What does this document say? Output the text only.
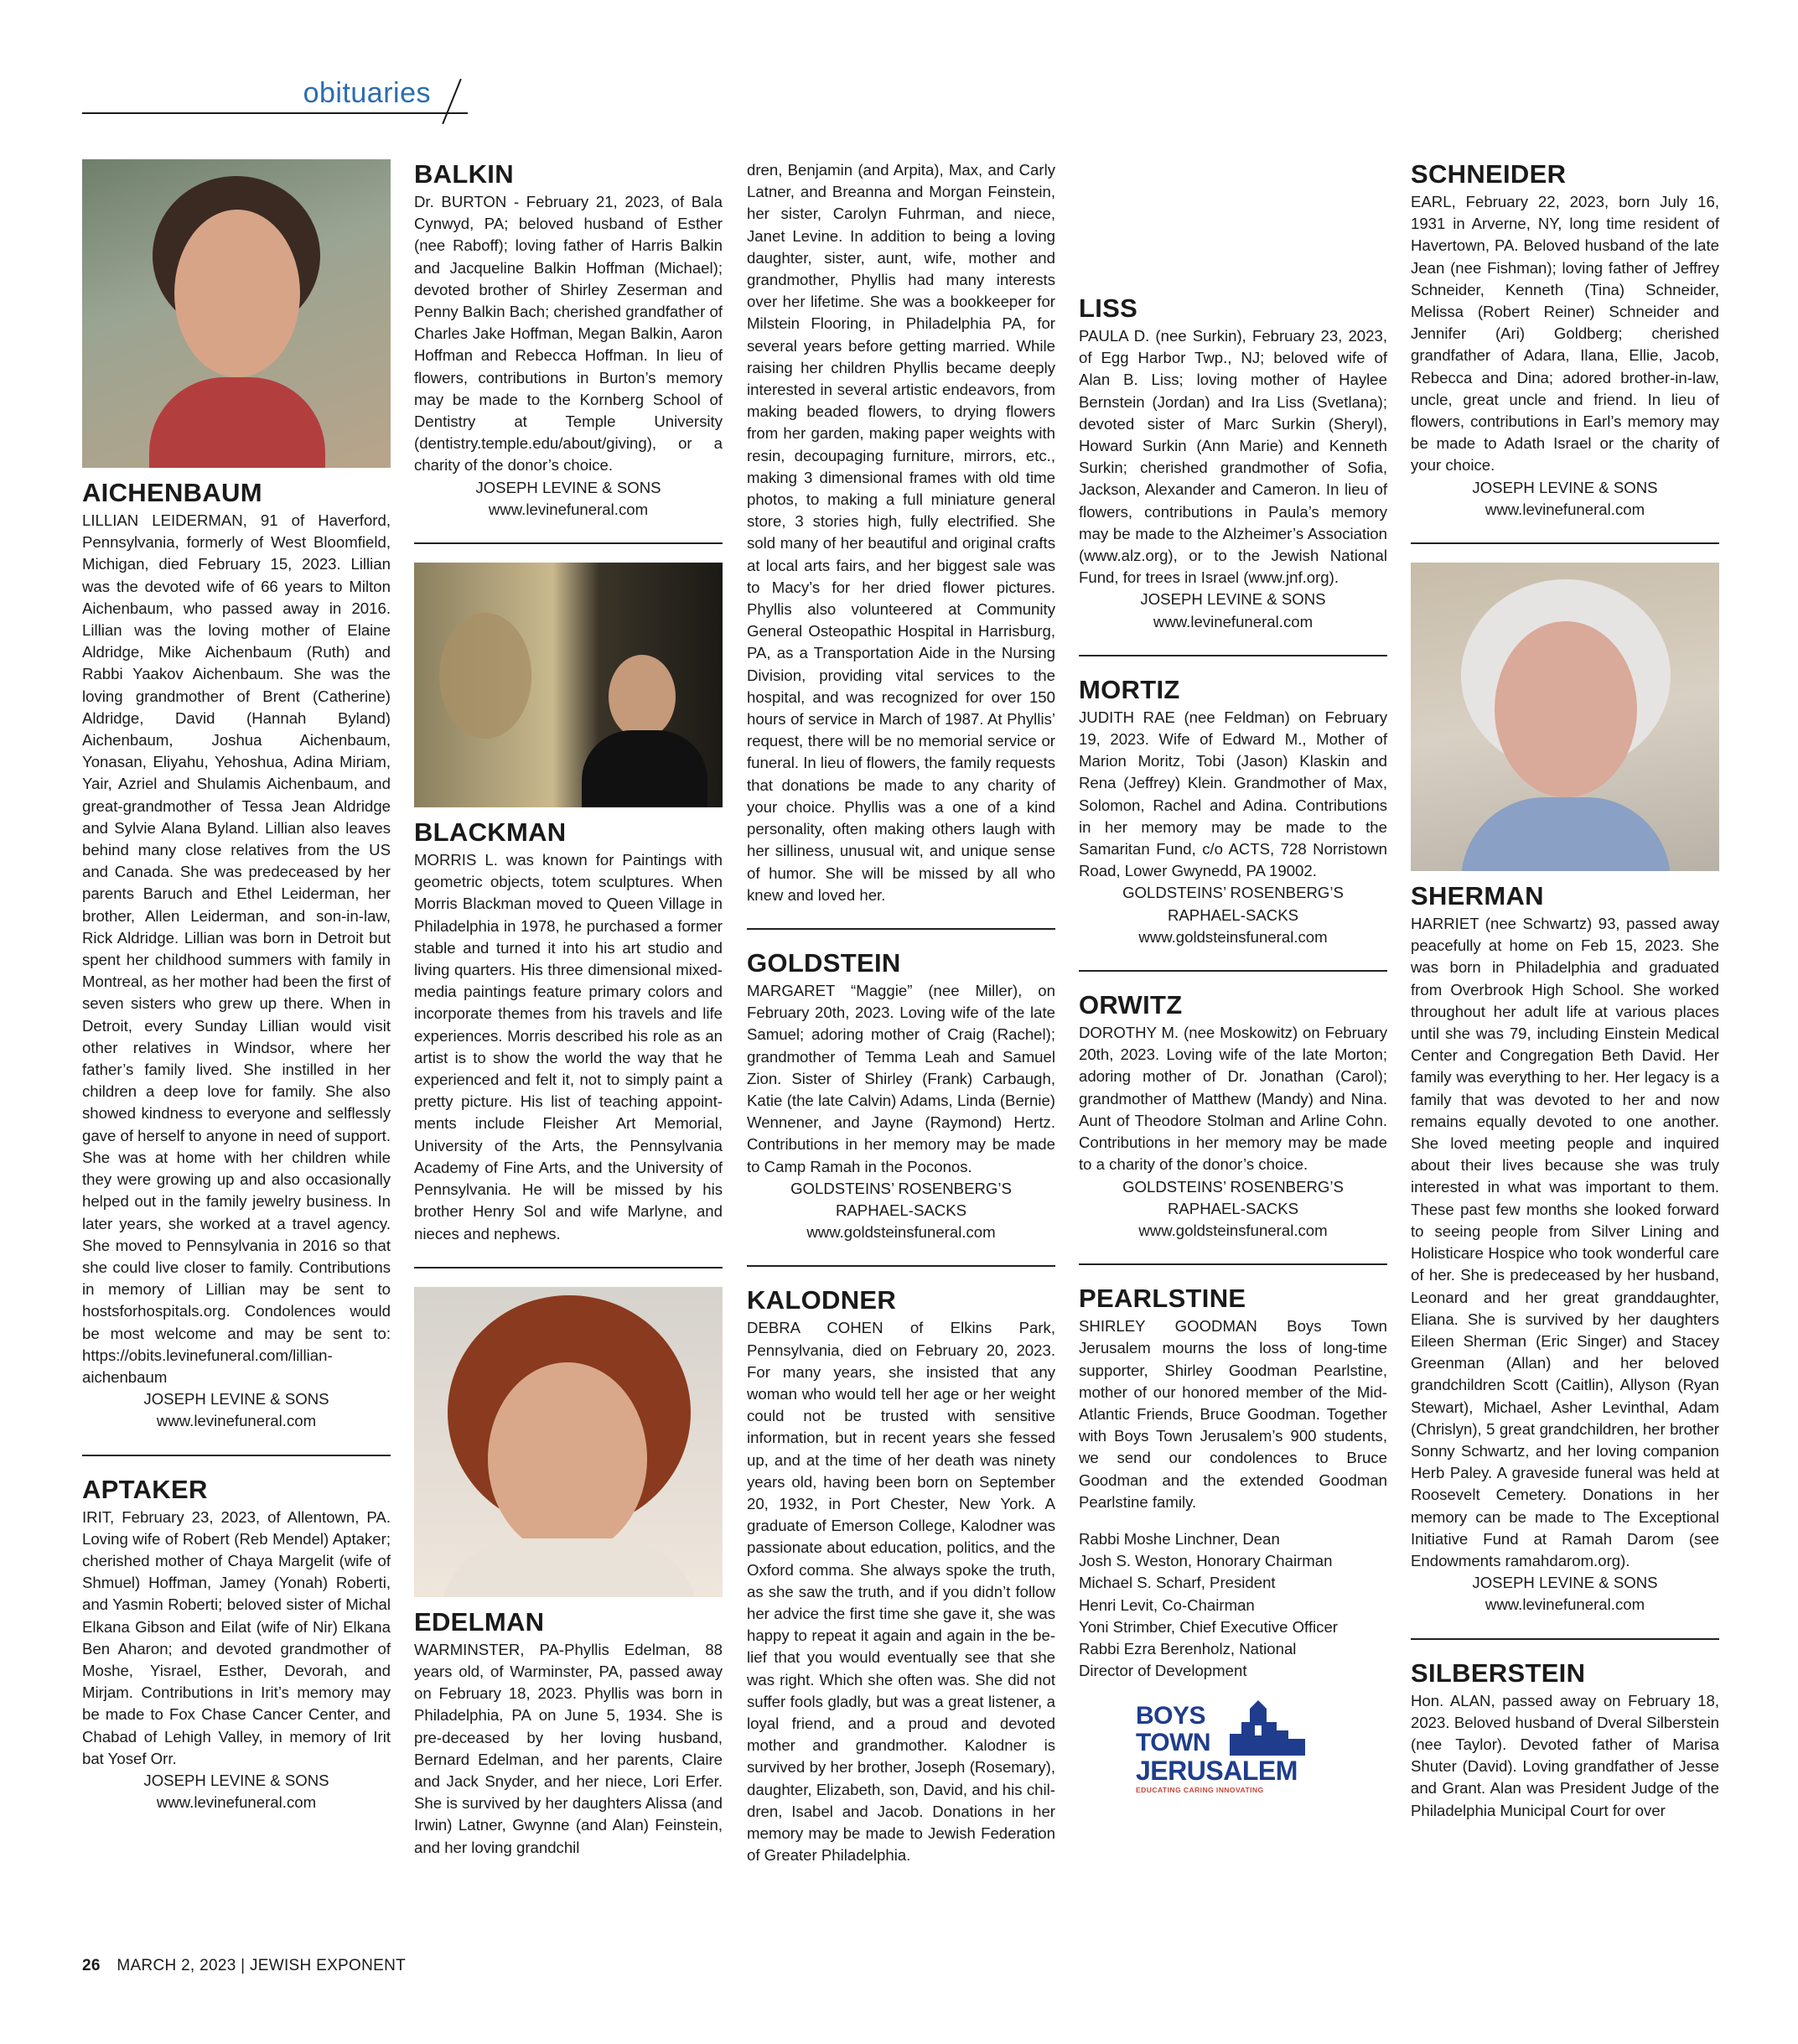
obituaries
AICHENBAUM

LILLIAN LEIDERMAN, 91 of Haverford, Pennsylvania, formerly of West Bloomfield, Michigan, died February 15, 2023. Lillian was the devoted wife of 66 years to Milton Aichenbaum, who passed away in 2016. Lillian was the loving mother of Elaine Aldridge, Mike Aichenbaum (Ruth) and Rabbi Yaakov Aichenbaum. She was the loving grandmother of Brent (Catherine) Aldridge, David (Hannah Byland) Aichenbaum, Joshua Aichenbaum, Yonasan, Eliyahu, Yehoshua, Adina Miriam, Yair, Azriel and Shulamis Aichenbaum, and great-grandmother of Tessa Jean Aldridge and Sylvie Alana Byland. Lillian also leaves behind many close relatives from the US and Canada. She was predeceased by her parents Baruch and Ethel Leiderman, her brother, Allen Leiderman, and son-in-law, Rick Aldridge. Lillian was born in Detroit but spent her childhood summers with family in Montreal, as her mother had been the first of seven sisters who grew up there. When in Detroit, every Sunday Lillian would visit other relatives in Windsor, where her father’s family lived. She instilled in her children a deep love for family. She also showed kindness to everyone and selflessly gave of herself to anyone in need of support. She was at home with her children while they were growing up and also occasionally helped out in the family jewelry business. In later years, she worked at a travel agency. She moved to Pennsylvania in 2016 so that she could live closer to family. Contributions in memory of Lillian may be sent to hostsforhospitals.org. Condolences would be most welcome and may be sent to: https://obits.levinefuneral.com/lillian-aichenbaum

JOSEPH LEVINE & SONS
www.levinefuneral.com
APTAKER

IRIT, February 23, 2023, of Allentown, PA. Loving wife of Robert (Reb Mendel) Aptaker; cherished mother of Chaya Margelit (wife of Shmuel) Hoffman, Jamey (Yonah) Roberti, and Yasmin Roberti; beloved sister of Michal Elkana Gibson and Eilat (wife of Nir) Elkana Ben Aharon; and devoted grandmother of Moshe, Yisrael, Esther, Devorah, and Mirjam. Contributions in Irit’s memory may be made to Fox Chase Cancer Center, and Chabad of Lehigh Valley, in memory of Irit bat Yosef Orr.

JOSEPH LEVINE & SONS
www.levinefuneral.com
BALKIN

Dr. BURTON - February 21, 2023, of Bala Cynwyd, PA; beloved husband of Esther (nee Raboff); loving father of Harris Balkin and Jacqueline Balkin Hoffman (Michael); devoted brother of Shirley Zeserman and Penny Balkin Bach; cherished grandfather of Charles Jake Hoffman, Megan Balkin, Aaron Hoffman and Rebecca Hoffman. In lieu of flowers, contributions in Burton’s memory may be made to the Kornberg School of Dentistry at Temple University (dentistry.temple.edu/about/giving), or a charity of the donor’s choice.

JOSEPH LEVINE & SONS
www.levinefuneral.com
BLACKMAN

MORRIS L. was known for Paintings with geometric objects, totem sculptures. When Morris Blackman moved to Queen Village in Philadelphia in 1978, he purchased a former stable and turned it into his art studio and living quarters. His three dimensional mixed-media paintings feature primary colors and incorporate themes from his travels and life experiences. Morris described his role as an artist is to show the world the way that he experienced and felt it, not to simply paint a pretty picture. His list of teaching appointments include Fleisher Art Memorial, University of the Arts, the Pennsylvania Academy of Fine Arts, and the University of Pennsylvania. He will be missed by his brother Henry Sol and wife Marlyne, and nieces and nephews.

EDELMAN

WARMINSTER, PA-Phyllis Edelman, 88 years old, of Warminster, PA, passed away on February 18, 2023. Phyllis was born in Philadelphia, PA on June 5, 1934. She is pre-deceased by her loving husband, Bernard Edelman, and her parents, Claire and Jack Snyder, and her niece, Lori Erfer. She is survived by her daughters Alissa (and Irwin) Latner, Gwynne (and Alan) Feinstein, and her loving grandchil

dren, Benjamin (and Arpita), Max, and Carly Latner, and Breanna and Morgan Feinstein, her sister, Carolyn Fuhrman, and niece, Janet Levine. In addition to being a loving daughter, sister, aunt, wife, mother and grandmother, Phyllis had many interests over her lifetime. She was a bookkeeper for Milstein Flooring, in Philadelphia PA, for several years before getting married. While raising her children Phyllis became deeply interested in several artistic endeavors, from making beaded flowers, to drying flowers from her garden, making paper weights with resin, decoupaging furniture, mirrors, etc., making 3 dimensional frames with old time photos, to making a full miniature general store, 3 stories high, fully electrified. She sold many of her beautiful and original crafts at local arts fairs, and her biggest sale was to Macy’s for her dried flower pictures. Phyllis also volunteered at Community General Osteopathic Hospital in Harrisburg, PA, as a Transportation Aide in the Nursing Division, providing vital services to the hospital, and was recognized for over 150 hours of service in March of 1987. At Phyllis’ request, there will be no memorial service or funeral. In lieu of flowers, the family requests that donations be made to any charity of your choice. Phyllis was a one of a kind personality, often making others laugh with her silliness, unusual wit, and unique sense of humor. She will be missed by all who knew and loved her.

GOLDSTEIN

MARGARET “Maggie” (nee Miller), on February 20th, 2023. Loving wife of the late Samuel; adoring mother of Craig (Rachel); grandmother of Temma Leah and Samuel Zion. Sister of Shirley (Frank) Carbaugh, Katie (the late Calvin) Adams, Linda (Bernie) Wennener, and Jayne (Raymond) Hertz. Contributions in her memory may be made to Camp Ramah in the Poconos.

GOLDSTEINS’ ROSENBERG’S
RAPHAEL-SACKS
www.goldsteinsfuneral.com
KALODNER

DEBRA COHEN of Elkins Park, Pennsylvania, died on February 20, 2023. For many years, she insisted that any woman who would tell her age or her weight could not be trusted with sensitive information, but in recent years she fessed up, and at the time of her death was ninety years old, having been born on September 20, 1932, in Port Chester, New York. A graduate of Emerson College, Kalodner was passionate about education, politics, and the Oxford comma. She always spoke the truth, as she saw the truth, and if you didn’t follow her advice the first time she gave it, she was happy to repeat it again and again in the belief that you would eventually see that she was right. Which she often was. She did not suffer fools gladly, but was a great listener, a loyal friend, and a proud and devoted mother and grandmother. Kalodner is survived by her brother, Joseph (Rosemary), daughter, Elizabeth, son, David, and his children, Isabel and Jacob. Donations in her memory may be made to Jewish Federation of Greater Philadelphia.

LISS

PAULA D. (nee Surkin), February 23, 2023, of Egg Harbor Twp., NJ; beloved wife of Alan B. Liss; loving mother of Haylee Bernstein (Jordan) and Ira Liss (Svetlana); devoted sister of Marc Surkin (Sheryl), Howard Surkin (Ann Marie) and Kenneth Surkin; cherished grandmother of Sofia, Jackson, Alexander and Cameron. In lieu of flowers, contributions in Paula’s memory may be made to the Alzheimer’s Association (www.alz.org), or to the Jewish National Fund, for trees in Israel (www.jnf.org).

JOSEPH LEVINE & SONS
www.levinefuneral.com
MORTIZ

JUDITH RAE (nee Feldman) on February 19, 2023. Wife of Edward M., Mother of Marion Moritz, Tobi (Jason) Klaskin and Rena (Jeffrey) Klein. Grandmother of Max, Solomon, Rachel and Adina. Contributions in her memory may be made to the Samaritan Fund, c/o ACTS, 728 Norristown Road, Lower Gwynedd, PA 19002.

GOLDSTEINS’ ROSENBERG’S
RAPHAEL-SACKS
www.goldsteinsfuneral.com
ORWITZ

DOROTHY M. (nee Moskowitz) on February 20th, 2023. Loving wife of the late Morton; adoring mother of Dr. Jonathan (Carol); grandmother of Matthew (Mandy) and Nina. Aunt of Theodore Stolman and Arline Cohn. Contributions in her memory may be made to a charity of the donor’s choice.

GOLDSTEINS’ ROSENBERG’S
RAPHAEL-SACKS
www.goldsteinsfuneral.com
PEARLSTINE

SHIRLEY GOODMAN Boys Town Jerusalem mourns the loss of long-time supporter, Shirley Goodman Pearlstine, mother of our honored member of the Mid-Atlantic Friends, Bruce Goodman. Together with Boys Town Jerusalem’s 900 students, we send our condolences to Bruce Goodman and the extended Goodman Pearlstine family.

Rabbi Moshe Linchner, Dean
Josh S. Weston, Honorary Chairman
Michael S. Scharf, President
Henri Levit, Co-Chairman
Yoni Strimber, Chief Executive Officer
Rabbi Ezra Berenholz, National
Director of Development
BOYS
TOWN
JERUSALEM
EDUCATING CARING INNOVATING
SCHNEIDER

EARL, February 22, 2023, born July 16, 1931 in Arverne, NY, long time resident of Havertown, PA. Beloved husband of the late Jean (nee Fishman); loving father of Jeffrey Schneider, Kenneth (Tina) Schneider, Melissa (Robert Reiner) Schneider and Jennifer (Ari) Goldberg; cherished grandfather of Adara, Ilana, Ellie, Jacob, Rebecca and Dina; adored brother-in-law, uncle, great uncle and friend. In lieu of flowers, contributions in Earl’s memory may be made to Adath Israel or the charity of your choice.

JOSEPH LEVINE & SONS
www.levinefuneral.com
SHERMAN

HARRIET (nee Schwartz) 93, passed away peacefully at home on Feb 15, 2023. She was born in Philadelphia and graduated from Overbrook High School. She worked throughout her adult life at various places until she was 79, including Einstein Medical Center and Congregation Beth David. Her family was everything to her. Her legacy is a family that was devoted to her and now remains equally devoted to one another. She loved meeting people and inquired about their lives because she was truly interested in what was important to them. These past few months she looked forward to seeing people from Silver Lining and Holisticare Hospice who took wonderful care of her. She is predeceased by her husband, Leonard and her great granddaughter, Eliana. She is survived by her daughters Eileen Sherman (Eric Singer) and Stacey Greenman (Allan) and her beloved grandchildren Scott (Caitlin), Allyson (Ryan Stewart), Michael, Asher Levinthal, Adam (Chrislyn), 5 great grandchildren, her brother Sonny Schwartz, and her loving companion Herb Paley. A graveside funeral was held at Roosevelt Cemetery. Donations in her memory can be made to The Exceptional Initiative Fund at Ramah Darom (see Endowments ramahdarom.org).

JOSEPH LEVINE & SONS
www.levinefuneral.com
SILBERSTEIN

Hon. ALAN, passed away on February 18, 2023. Beloved husband of Dveral Silberstein (nee Taylor). Devoted father of Marisa Shuter (David). Loving grandfather of Jesse and Grant. Alan was President Judge of the Philadelphia Municipal Court for over

26 MARCH 2, 2023 | JEWISH EXPONENT
